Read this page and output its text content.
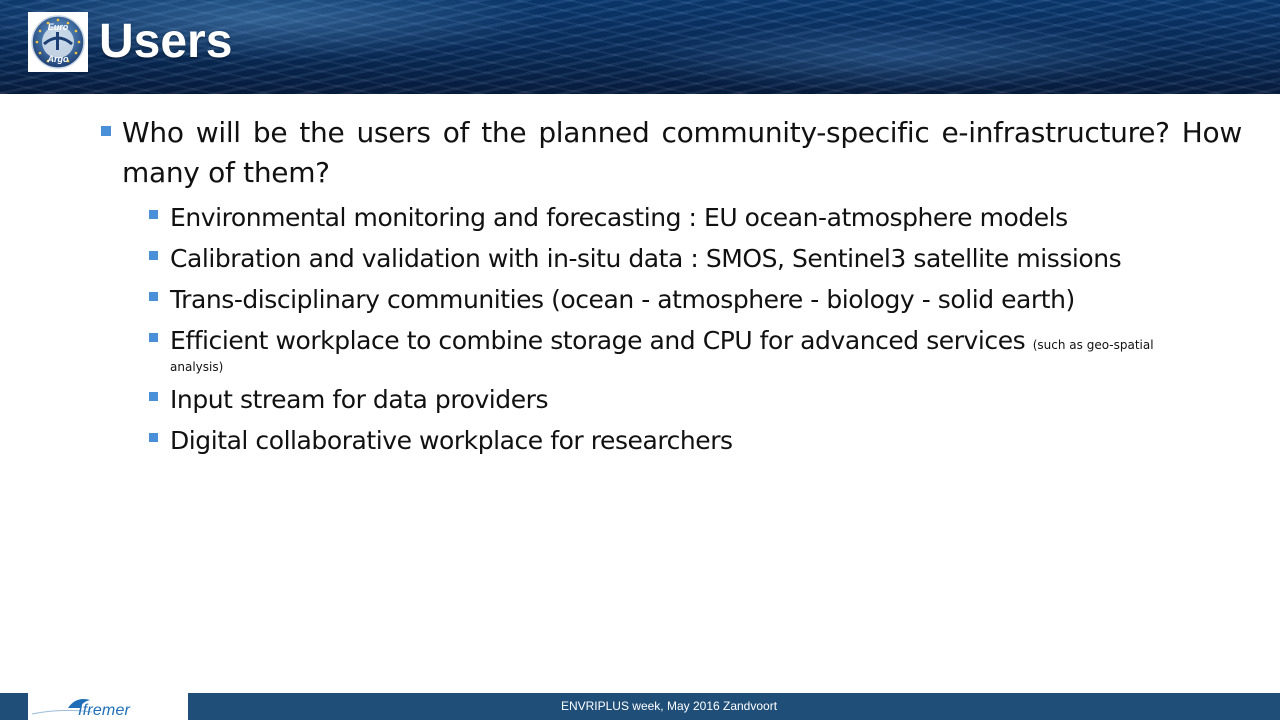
Euro
Argo Users
Who will be the users of the planned community-specific e-infrastructure? How many of them?
Environmental monitoring and forecasting : EU ocean-atmosphere models
Calibration and validation with in-situ data : SMOS, Sentinel3 satellite missions
Trans-disciplinary communities (ocean - atmosphere - biology - solid earth)
Efficient workplace to combine storage and CPU for advanced services (such as geo-spatial
analysis)
Input stream for data providers
Digital collaborative workplace for researchers
ENVRIPLUS week, May 2016 Zandvoort
Ifremer
